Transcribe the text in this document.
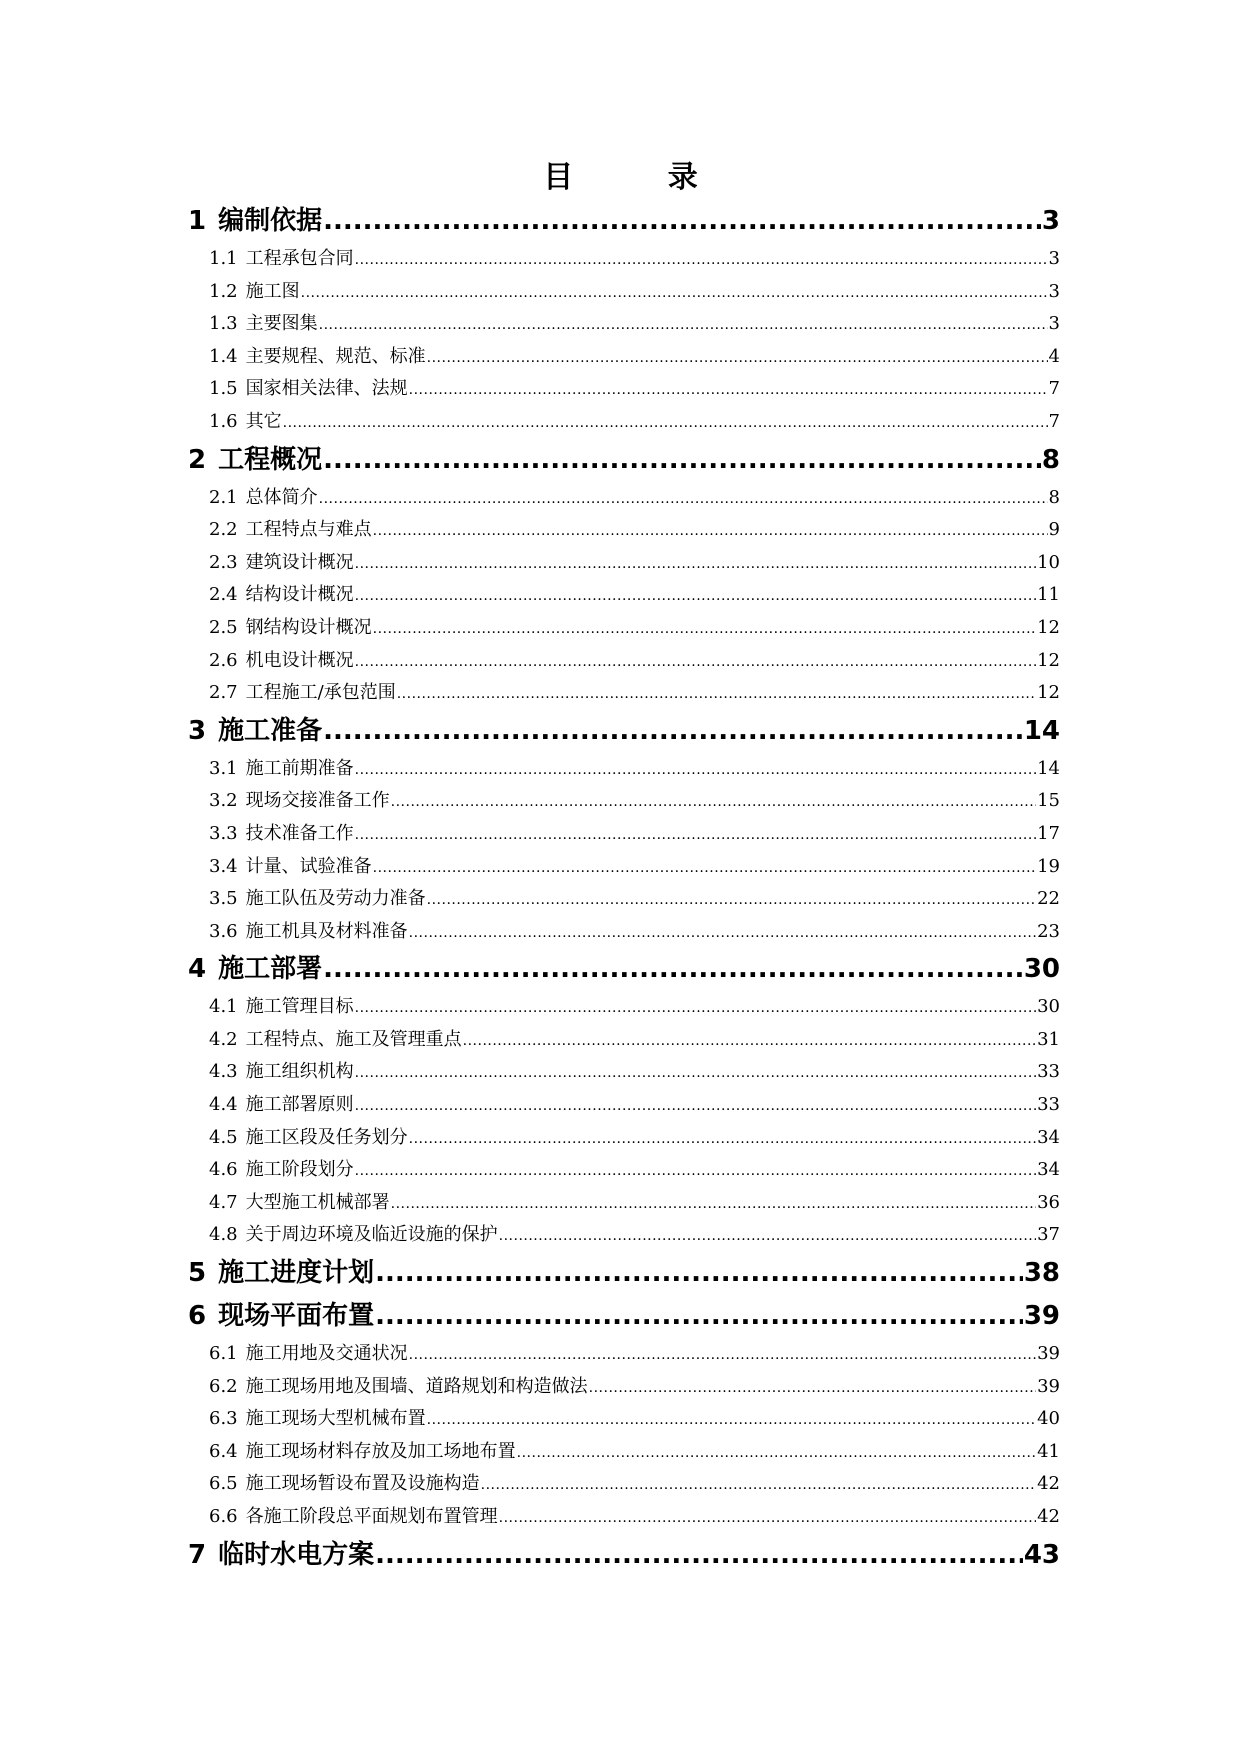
目 录
1 编制依据 .....	3
1.1 工程承包合同 .....	3
1.2 施工图 .....	3
1.3 主要图集 .....	3
1.4 主要规程、规范、标准 .....	4
1.5 国家相关法律、法规 .....	7
1.6 其它 .....	7
2 工程概况 .....	8
2.1 总体简介 .....	8
2.2 工程特点与难点 .....	9
2.3 建筑设计概况 .....	10
2.4 结构设计概况 .....	11
2.5 钢结构设计概况 .....	12
2.6 机电设计概况 .....	12
2.7 工程施工/承包范围 .....	12
3 施工准备 .....	14
3.1 施工前期准备 .....	14
3.2 现场交接准备工作 .....	15
3.3 技术准备工作 .....	17
3.4 计量、试验准备 .....	19
3.5 施工队伍及劳动力准备 .....	22
3.6 施工机具及材料准备 .....	23
4 施工部署 .....	30
4.1 施工管理目标 .....	30
4.2 工程特点、施工及管理重点 .....	31
4.3 施工组织机构 .....	33
4.4 施工部署原则 .....	33
4.5 施工区段及任务划分 .....	34
4.6 施工阶段划分 .....	34
4.7 大型施工机械部署 .....	36
4.8 关于周边环境及临近设施的保护 .....	37
5 施工进度计划 .....	38
6 现场平面布置 .....	39
6.1 施工用地及交通状况 .....	39
6.2 施工现场用地及围墙、道路规划和构造做法 .....	39
6.3 施工现场大型机械布置 .....	40
6.4 施工现场材料存放及加工场地布置 .....	41
6.5 施工现场暂设布置及设施构造 .....	42
6.6 各施工阶段总平面规划布置管理 .....	42
7 临时水电方案 .....	43
